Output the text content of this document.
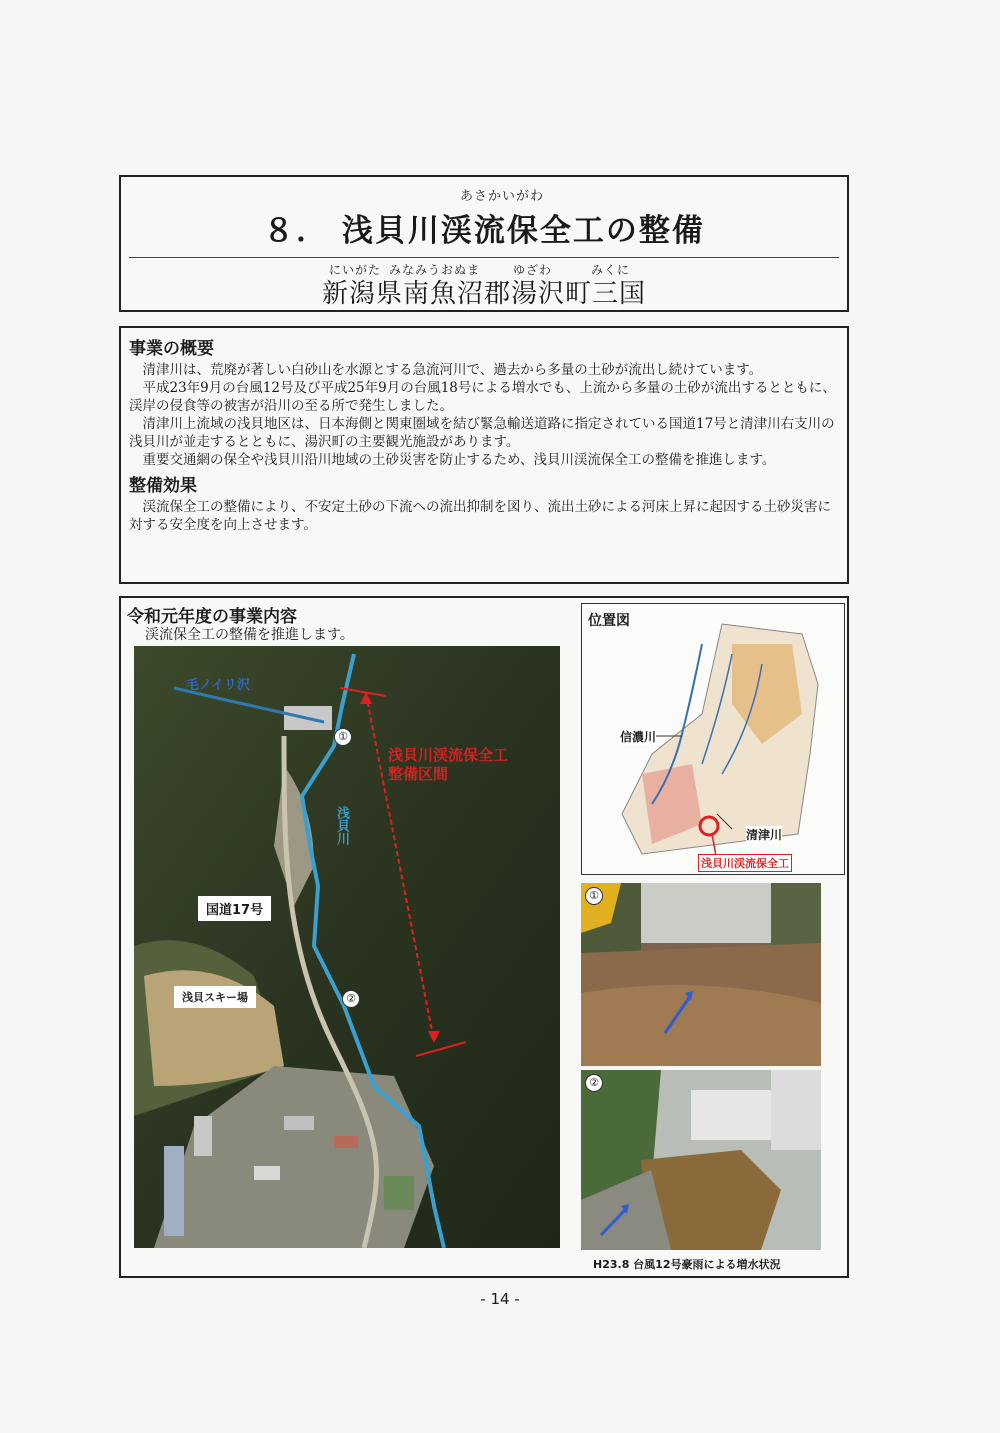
あさかいがわ
８． 浅貝川渓流保全工の整備
にいがた みなみうおぬま	ゆざわ	みくに
新潟県南魚沼郡湯沢町三国
事業の概要

清津川は、荒廃が著しい白砂山を水源とする急流河川で、過去から多量の土砂が流出し続けています。

平成23年9月の台風12号及び平成25年9月の台風18号による増水でも、上流から多量の土砂が流出するとともに、渓岸の侵食等の被害が沿川の至る所で発生しました。

清津川上流域の浅貝地区は、日本海側と関東圏域を結び緊急輸送道路に指定されている国道17号と清津川右支川の浅貝川が並走するとともに、湯沢町の主要観光施設があります。

重要交通網の保全や浅貝川沿川地域の土砂災害を防止するため、浅貝川渓流保全工の整備を推進します。

整備効果

渓流保全工の整備により、不安定土砂の下流への流出抑制を図り、流出土砂による河床上昇に起因する土砂災害に対する安全度を向上させます。

令和元年度の事業内容
渓流保全工の整備を推進します。
毛ノイリ沢
浅貝川
①
②
浅貝川渓流保全工
整備区間
国道17号
浅貝スキー場
位置図
信濃川
清津川
浅貝川渓流保全工
①
②
H23.8 台風12号豪雨による増水状況
- 14 -
